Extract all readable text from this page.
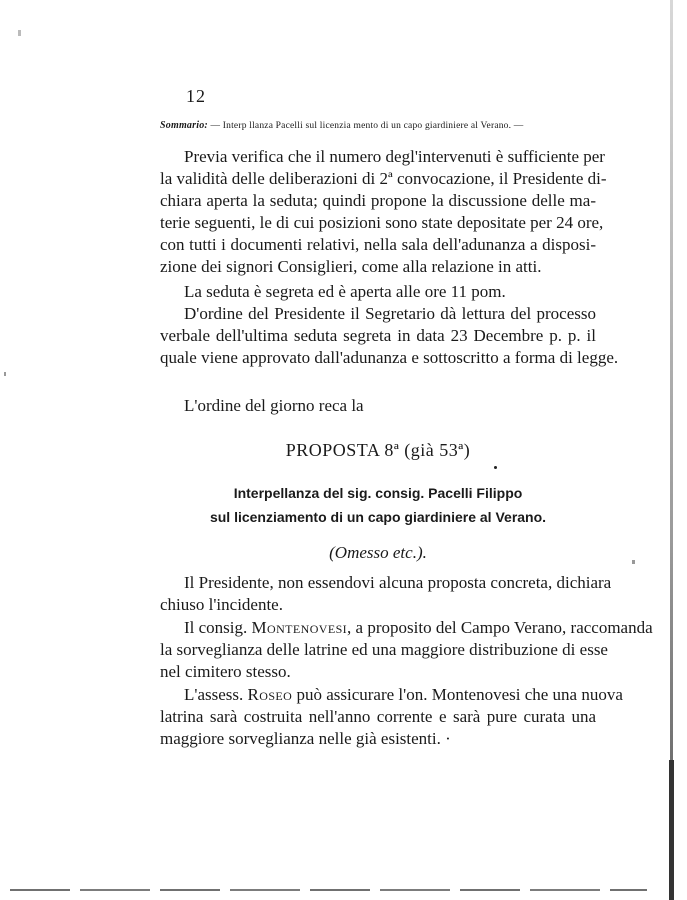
12
Sommario: — Interp llanza Pacelli sul licenzia mento di un capo giardiniere al Verano. —
Previa verifica che il numero degl'intervenuti è sufficiente per
la validità delle deliberazioni di 2ª convocazione, il Presidente di-
chiara aperta la seduta; quindi propone la discussione delle ma-
terie seguenti, le di cui posizioni sono state depositate per 24 ore,
con tutti i documenti relativi, nella sala dell'adunanza a disposi-
zione dei signori Consiglieri, come alla relazione in atti.
La seduta è segreta ed è aperta alle ore 11 pom.
D'ordine del Presidente il Segretario dà lettura del processo
verbale dell'ultima seduta segreta in data 23 Decembre p. p. il
quale viene approvato dall'adunanza e sottoscritto a forma di legge.
L'ordine del giorno reca la
PROPOSTA 8ª (già 53ª)
Interpellanza del sig. consig. Pacelli Filippo
sul licenziamento di un capo giardiniere al Verano.
(Omesso etc.).
Il Presidente, non essendovi alcuna proposta concreta, dichiara
chiuso l'incidente.
Il consig. Montenovesi, a proposito del Campo Verano, raccomanda
la sorveglianza delle latrine ed una maggiore distribuzione di esse
nel cimitero stesso.
L'assess. Roseo può assicurare l'on. Montenovesi che una nuova
latrina sarà costruita nell'anno corrente e sarà pure curata una
maggiore sorveglianza nelle già esistenti. ·
